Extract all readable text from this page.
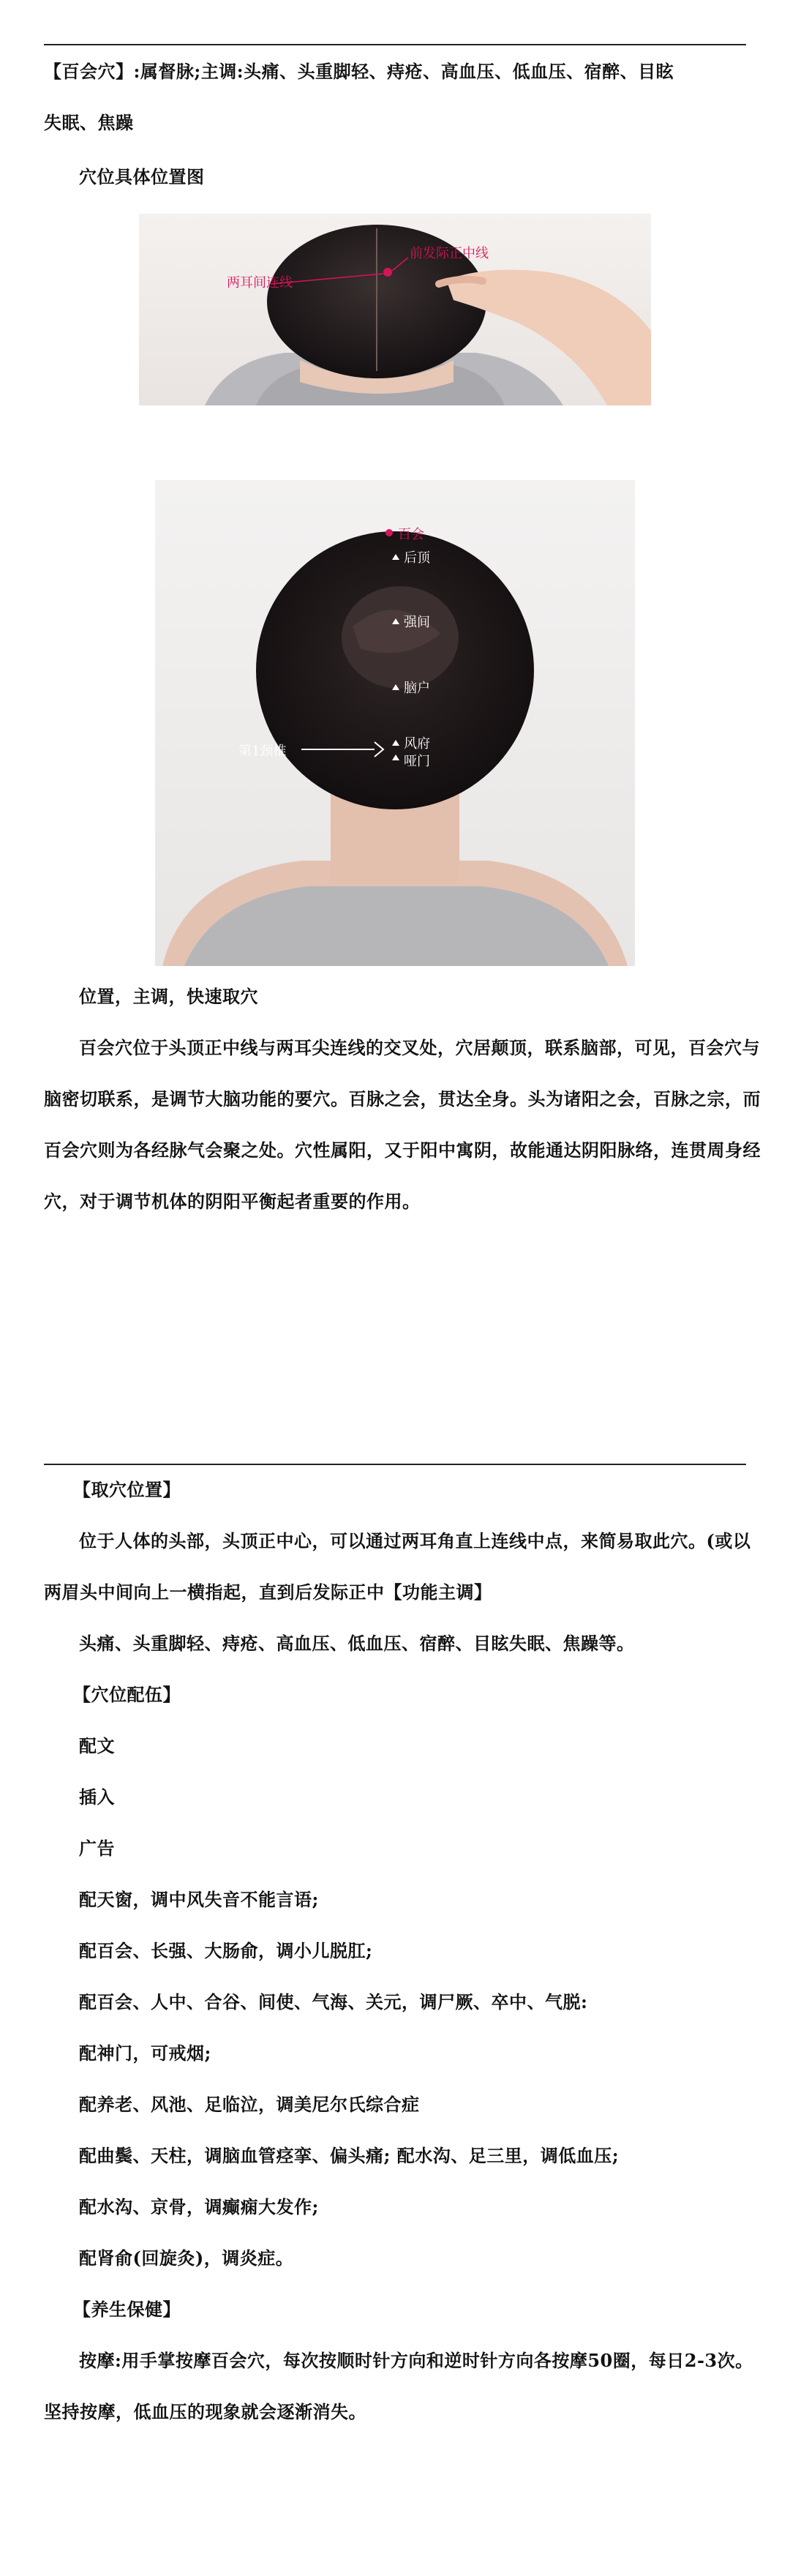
【百会穴】:属督脉;主调:头痛、头重脚轻、痔疮、高血压、低血压、宿醉、目眩
失眠、焦躁
穴位具体位置图
前发际正中线
两耳间连线
百会
后顶
强间
脑户
风府
哑门
第1颈椎
位置，主调，快速取穴
百会穴位于头顶正中线与两耳尖连线的交叉处，穴居颠顶，联系脑部，可见，百会穴与
脑密切联系，是调节大脑功能的要穴。百脉之会，贯达全身。头为诸阳之会，百脉之宗，而
百会穴则为各经脉气会聚之处。穴性属阳，又于阳中寓阴，故能通达阴阳脉络，连贯周身经
穴，对于调节机体的阴阳平衡起者重要的作用。
【取穴位置】
位于人体的头部，头顶正中心，可以通过两耳角直上连线中点，来简易取此穴。(或以
两眉头中间向上一横指起，直到后发际正中【功能主调】
头痛、头重脚轻、痔疮、高血压、低血压、宿醉、目眩失眠、焦躁等。
【穴位配伍】
配文
插入
广告
配天窗，调中风失音不能言语;
配百会、长强、大肠俞，调小儿脱肛;
配百会、人中、合谷、间使、气海、关元，调尸厥、卒中、气脱:
配神门，可戒烟;
配养老、风池、足临泣，调美尼尔氏综合症
配曲鬓、天柱，调脑血管痉挛、偏头痛; 配水沟、足三里，调低血压;
配水沟、京骨，调癫痫大发作;
配肾俞(回旋灸)，调炎症。
【养生保健】
按摩:用手掌按摩百会穴，每次按顺时针方向和逆时针方向各按摩50圈，每日2-3次。
坚持按摩，低血压的现象就会逐渐消失。
